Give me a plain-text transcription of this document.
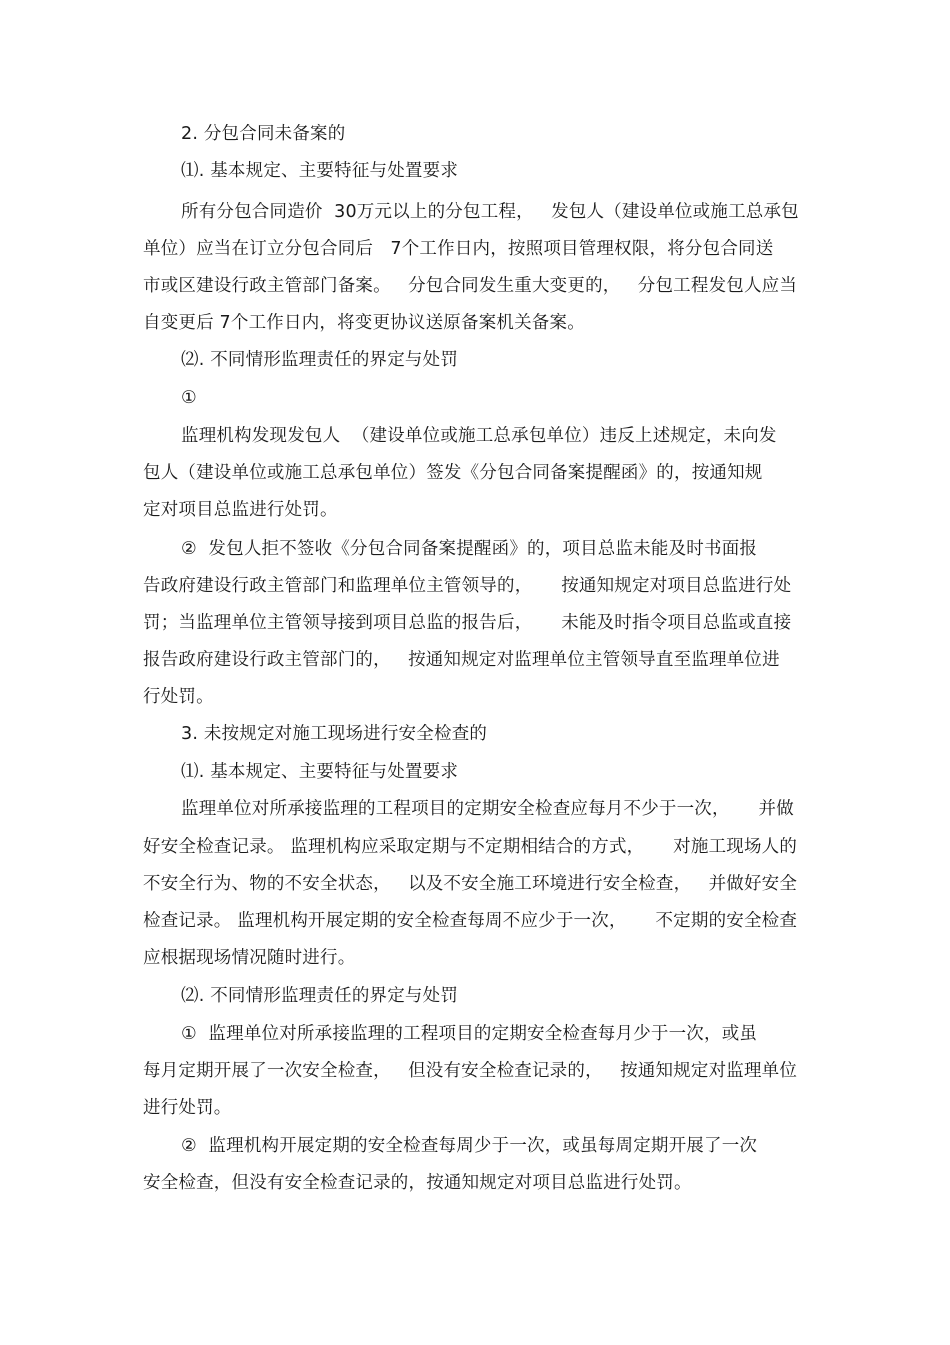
2. 分包合同未备案的
⑴. 基本规定、主要特征与处置要求
所有分包合同造价  30万元以上的分包工程，   发包人（建设单位或施工总承包
单位）应当在订立分包合同后   7个工作日内，按照项目管理权限，将分包合同送
市或区建设行政主管部门备案。   分包合同发生重大变更的，   分包工程发包人应当
自变更后 7个工作日内，将变更协议送原备案机关备案。
⑵. 不同情形监理责任的界定与处罚
①
监理机构发现发包人  （建设单位或施工总承包单位）违反上述规定，未向发
包人（建设单位或施工总承包单位）签发《分包合同备案提醒函》的，按通知规
定对项目总监进行处罚。
②  发包人拒不签收《分包合同备案提醒函》的，项目总监未能及时书面报
告政府建设行政主管部门和监理单位主管领导的，     按通知规定对项目总监进行处
罚；当监理单位主管领导接到项目总监的报告后，     未能及时指令项目总监或直接
报告政府建设行政主管部门的，   按通知规定对监理单位主管领导直至监理单位进
行处罚。
3. 未按规定对施工现场进行安全检查的
⑴. 基本规定、主要特征与处置要求
监理单位对所承接监理的工程项目的定期安全检查应每月不少于一次，     并做
好安全检查记录。 监理机构应采取定期与不定期相结合的方式，     对施工现场人的
不安全行为、物的不安全状态，   以及不安全施工环境进行安全检查，   并做好安全
检查记录。 监理机构开展定期的安全检查每周不应少于一次，     不定期的安全检查
应根据现场情况随时进行。
⑵. 不同情形监理责任的界定与处罚
①  监理单位对所承接监理的工程项目的定期安全检查每月少于一次，或虽
每月定期开展了一次安全检查，   但没有安全检查记录的，   按通知规定对监理单位
进行处罚。
②  监理机构开展定期的安全检查每周少于一次，或虽每周定期开展了一次
安全检查，但没有安全检查记录的，按通知规定对项目总监进行处罚。
